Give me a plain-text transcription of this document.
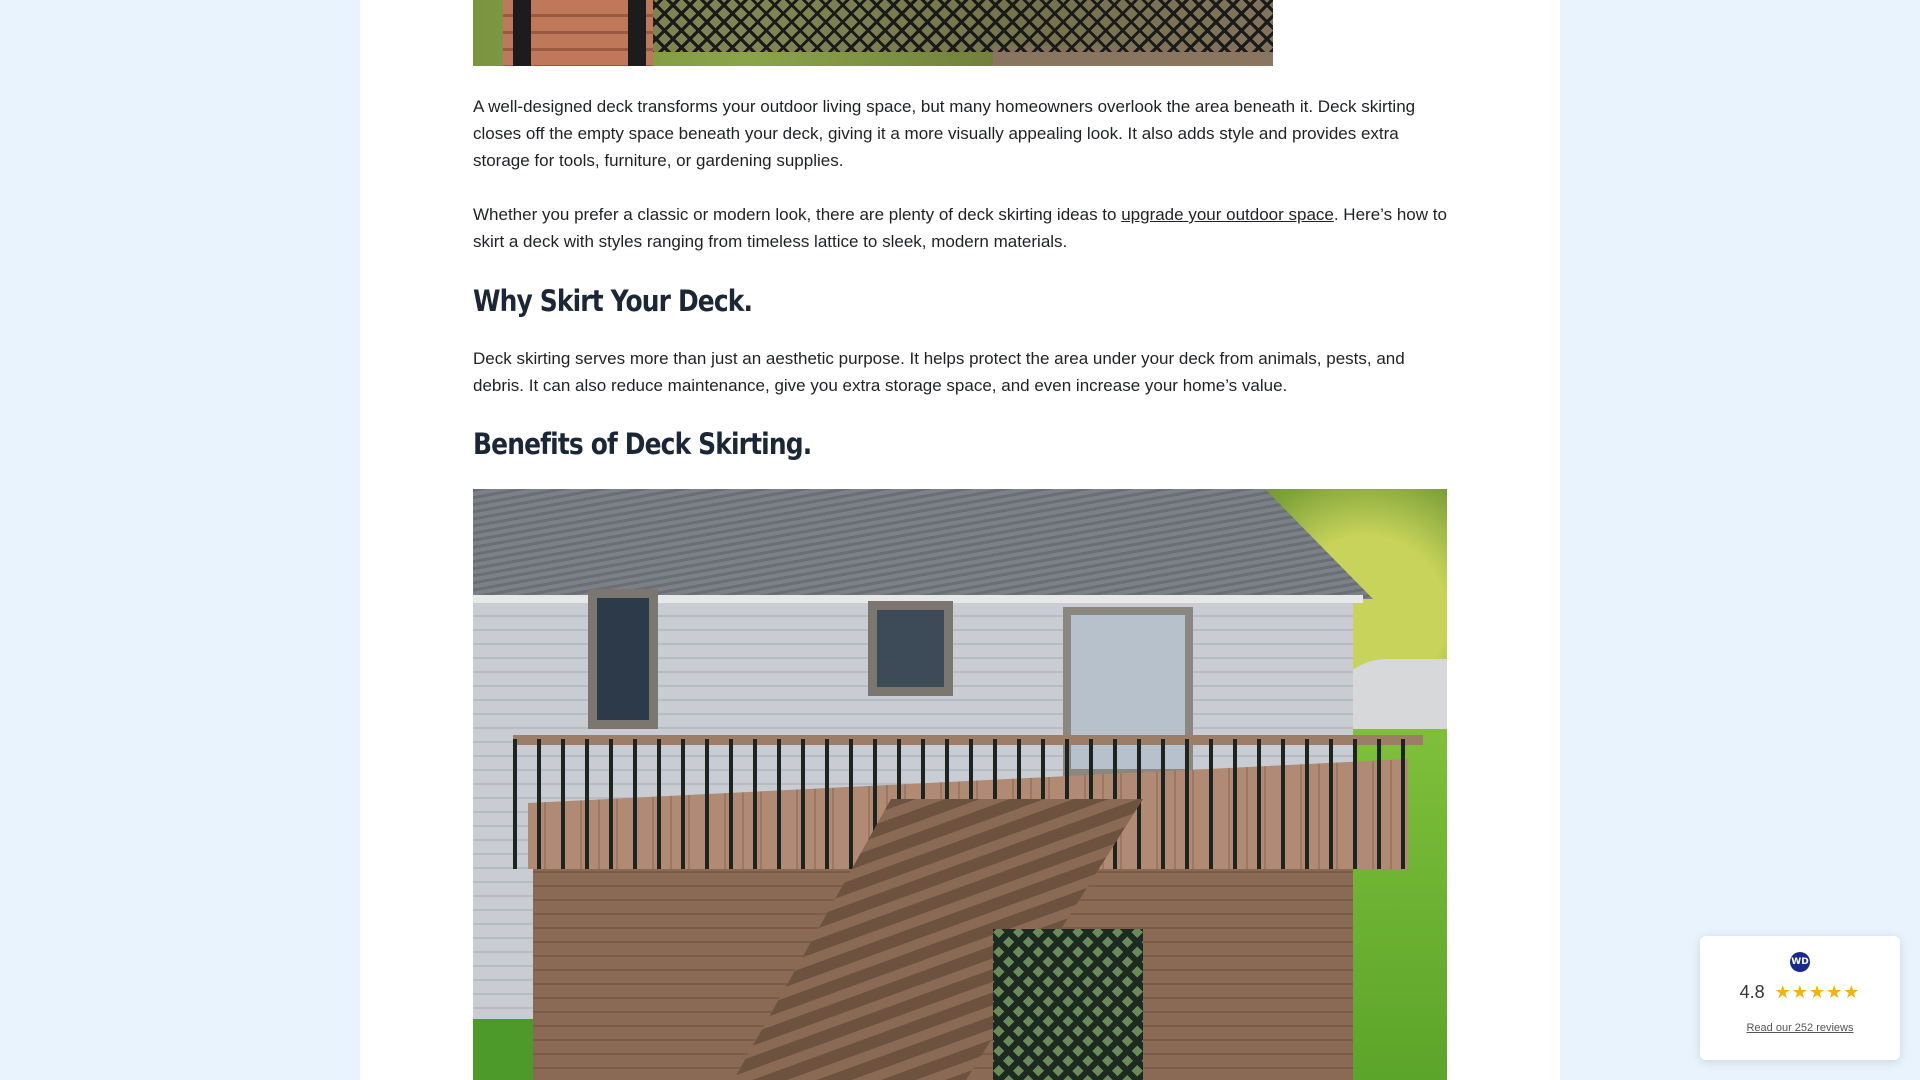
A well-designed deck transforms your outdoor living space, but many homeowners overlook the area beneath it. Deck skirting closes off the empty space beneath your deck, giving it a more visually appealing look. It also adds style and provides extra storage for tools, furniture, or gardening supplies.

Whether you prefer a classic or modern look, there are plenty of deck skirting ideas to upgrade your outdoor space. Here’s how to skirt a deck with styles ranging from timeless lattice to sleek, modern materials.

Why Skirt Your Deck.

Deck skirting serves more than just an aesthetic purpose. It helps protect the area under your deck from animals, pests, and debris. It can also reduce maintenance, give you extra storage space, and even increase your home’s value.

Benefits of Deck Skirting.
WD
4.8 ★★★★★
Read our 252 reviews
